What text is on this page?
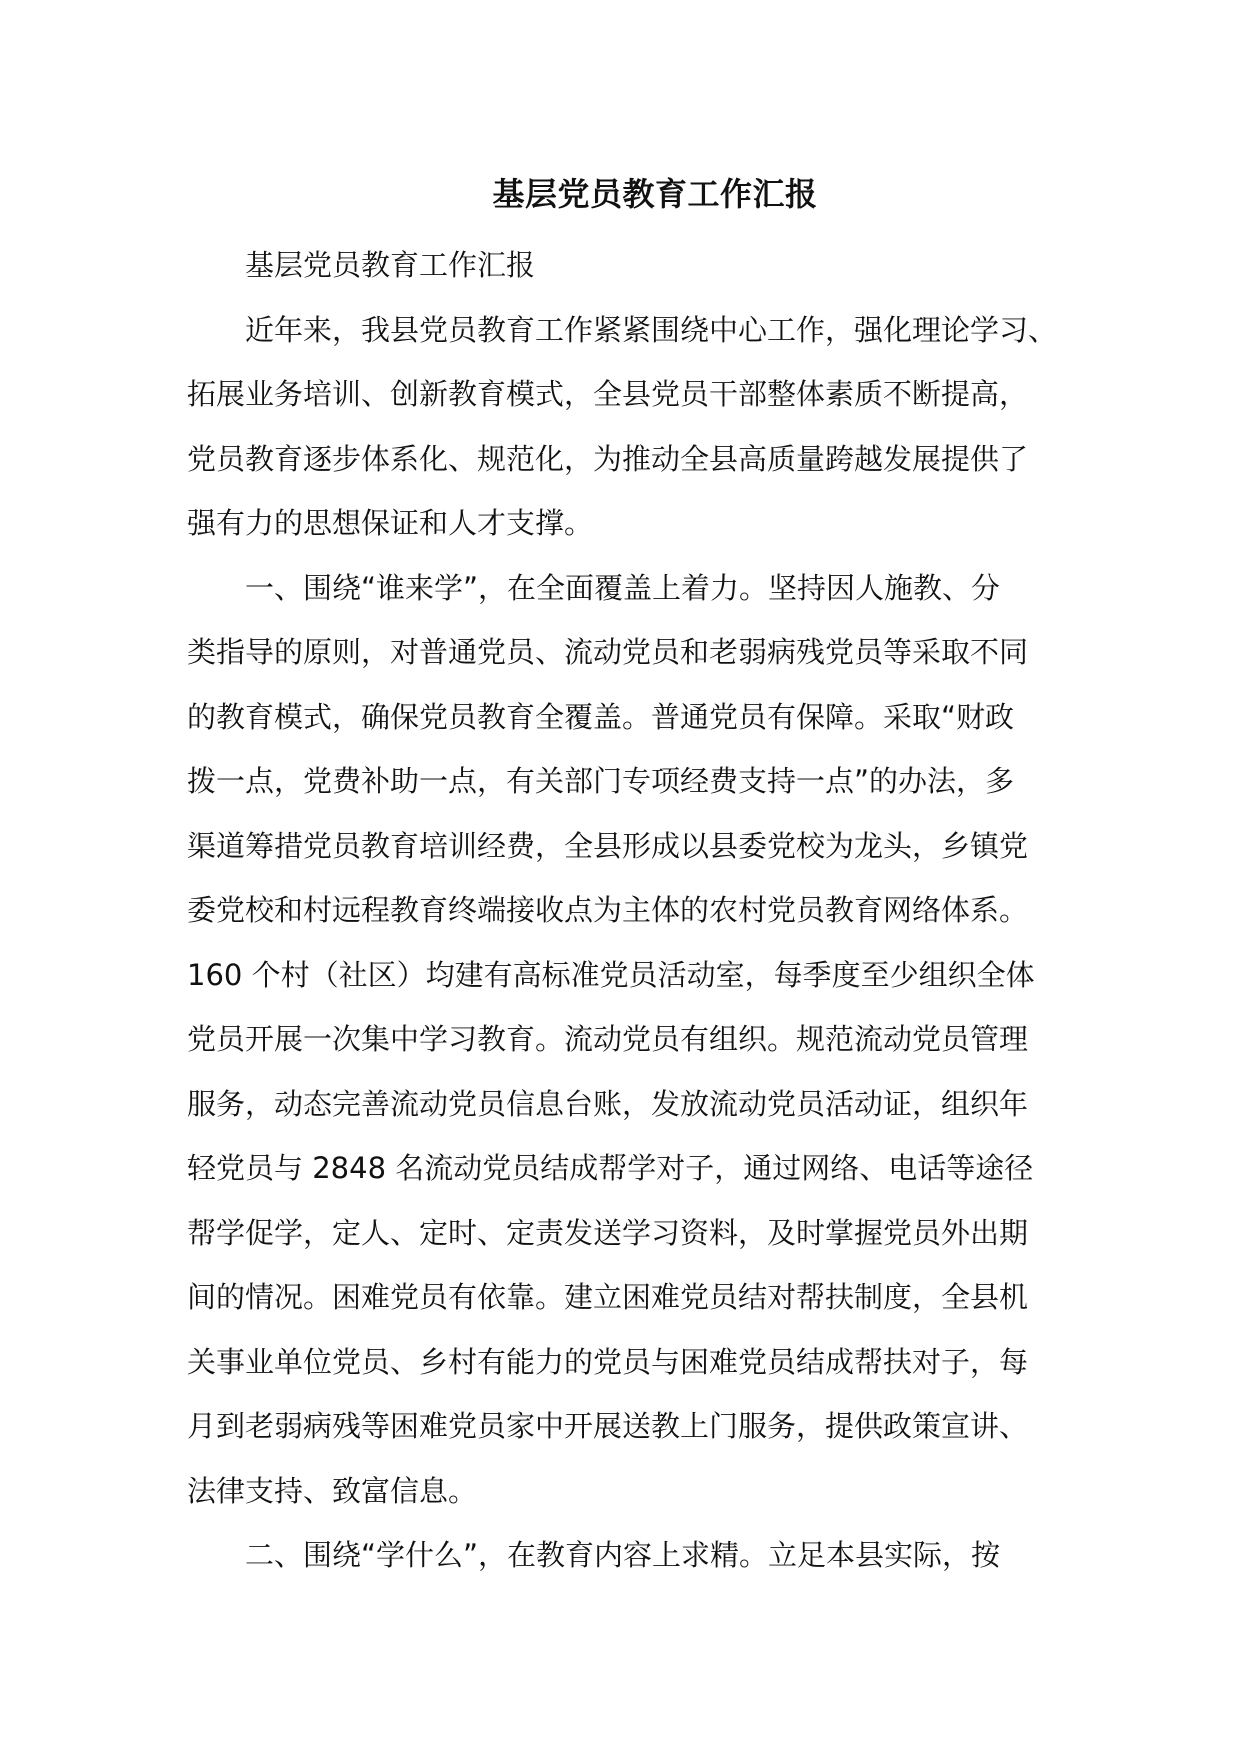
基层党员教育工作汇报
基层党员教育工作汇报
近年来，我县党员教育工作紧紧围绕中心工作，强化理论学习、
拓展业务培训、创新教育模式，全县党员干部整体素质不断提高，
党员教育逐步体系化、规范化，为推动全县高质量跨越发展提供了
强有力的思想保证和人才支撑。
一、围绕“谁来学”，在全面覆盖上着力。坚持因人施教、分
类指导的原则，对普通党员、流动党员和老弱病残党员等采取不同
的教育模式，确保党员教育全覆盖。普通党员有保障。采取“财政
拨一点，党费补助一点，有关部门专项经费支持一点”的办法，多
渠道筹措党员教育培训经费，全县形成以县委党校为龙头，乡镇党
委党校和村远程教育终端接收点为主体的农村党员教育网络体系。
160 个村（社区）均建有高标准党员活动室，每季度至少组织全体
党员开展一次集中学习教育。流动党员有组织。规范流动党员管理
服务，动态完善流动党员信息台账，发放流动党员活动证，组织年
轻党员与 2848 名流动党员结成帮学对子，通过网络、电话等途径
帮学促学，定人、定时、定责发送学习资料，及时掌握党员外出期
间的情况。困难党员有依靠。建立困难党员结对帮扶制度，全县机
关事业单位党员、乡村有能力的党员与困难党员结成帮扶对子，每
月到老弱病残等困难党员家中开展送教上门服务，提供政策宣讲、
法律支持、致富信息。
二、围绕“学什么”，在教育内容上求精。立足本县实际，按
